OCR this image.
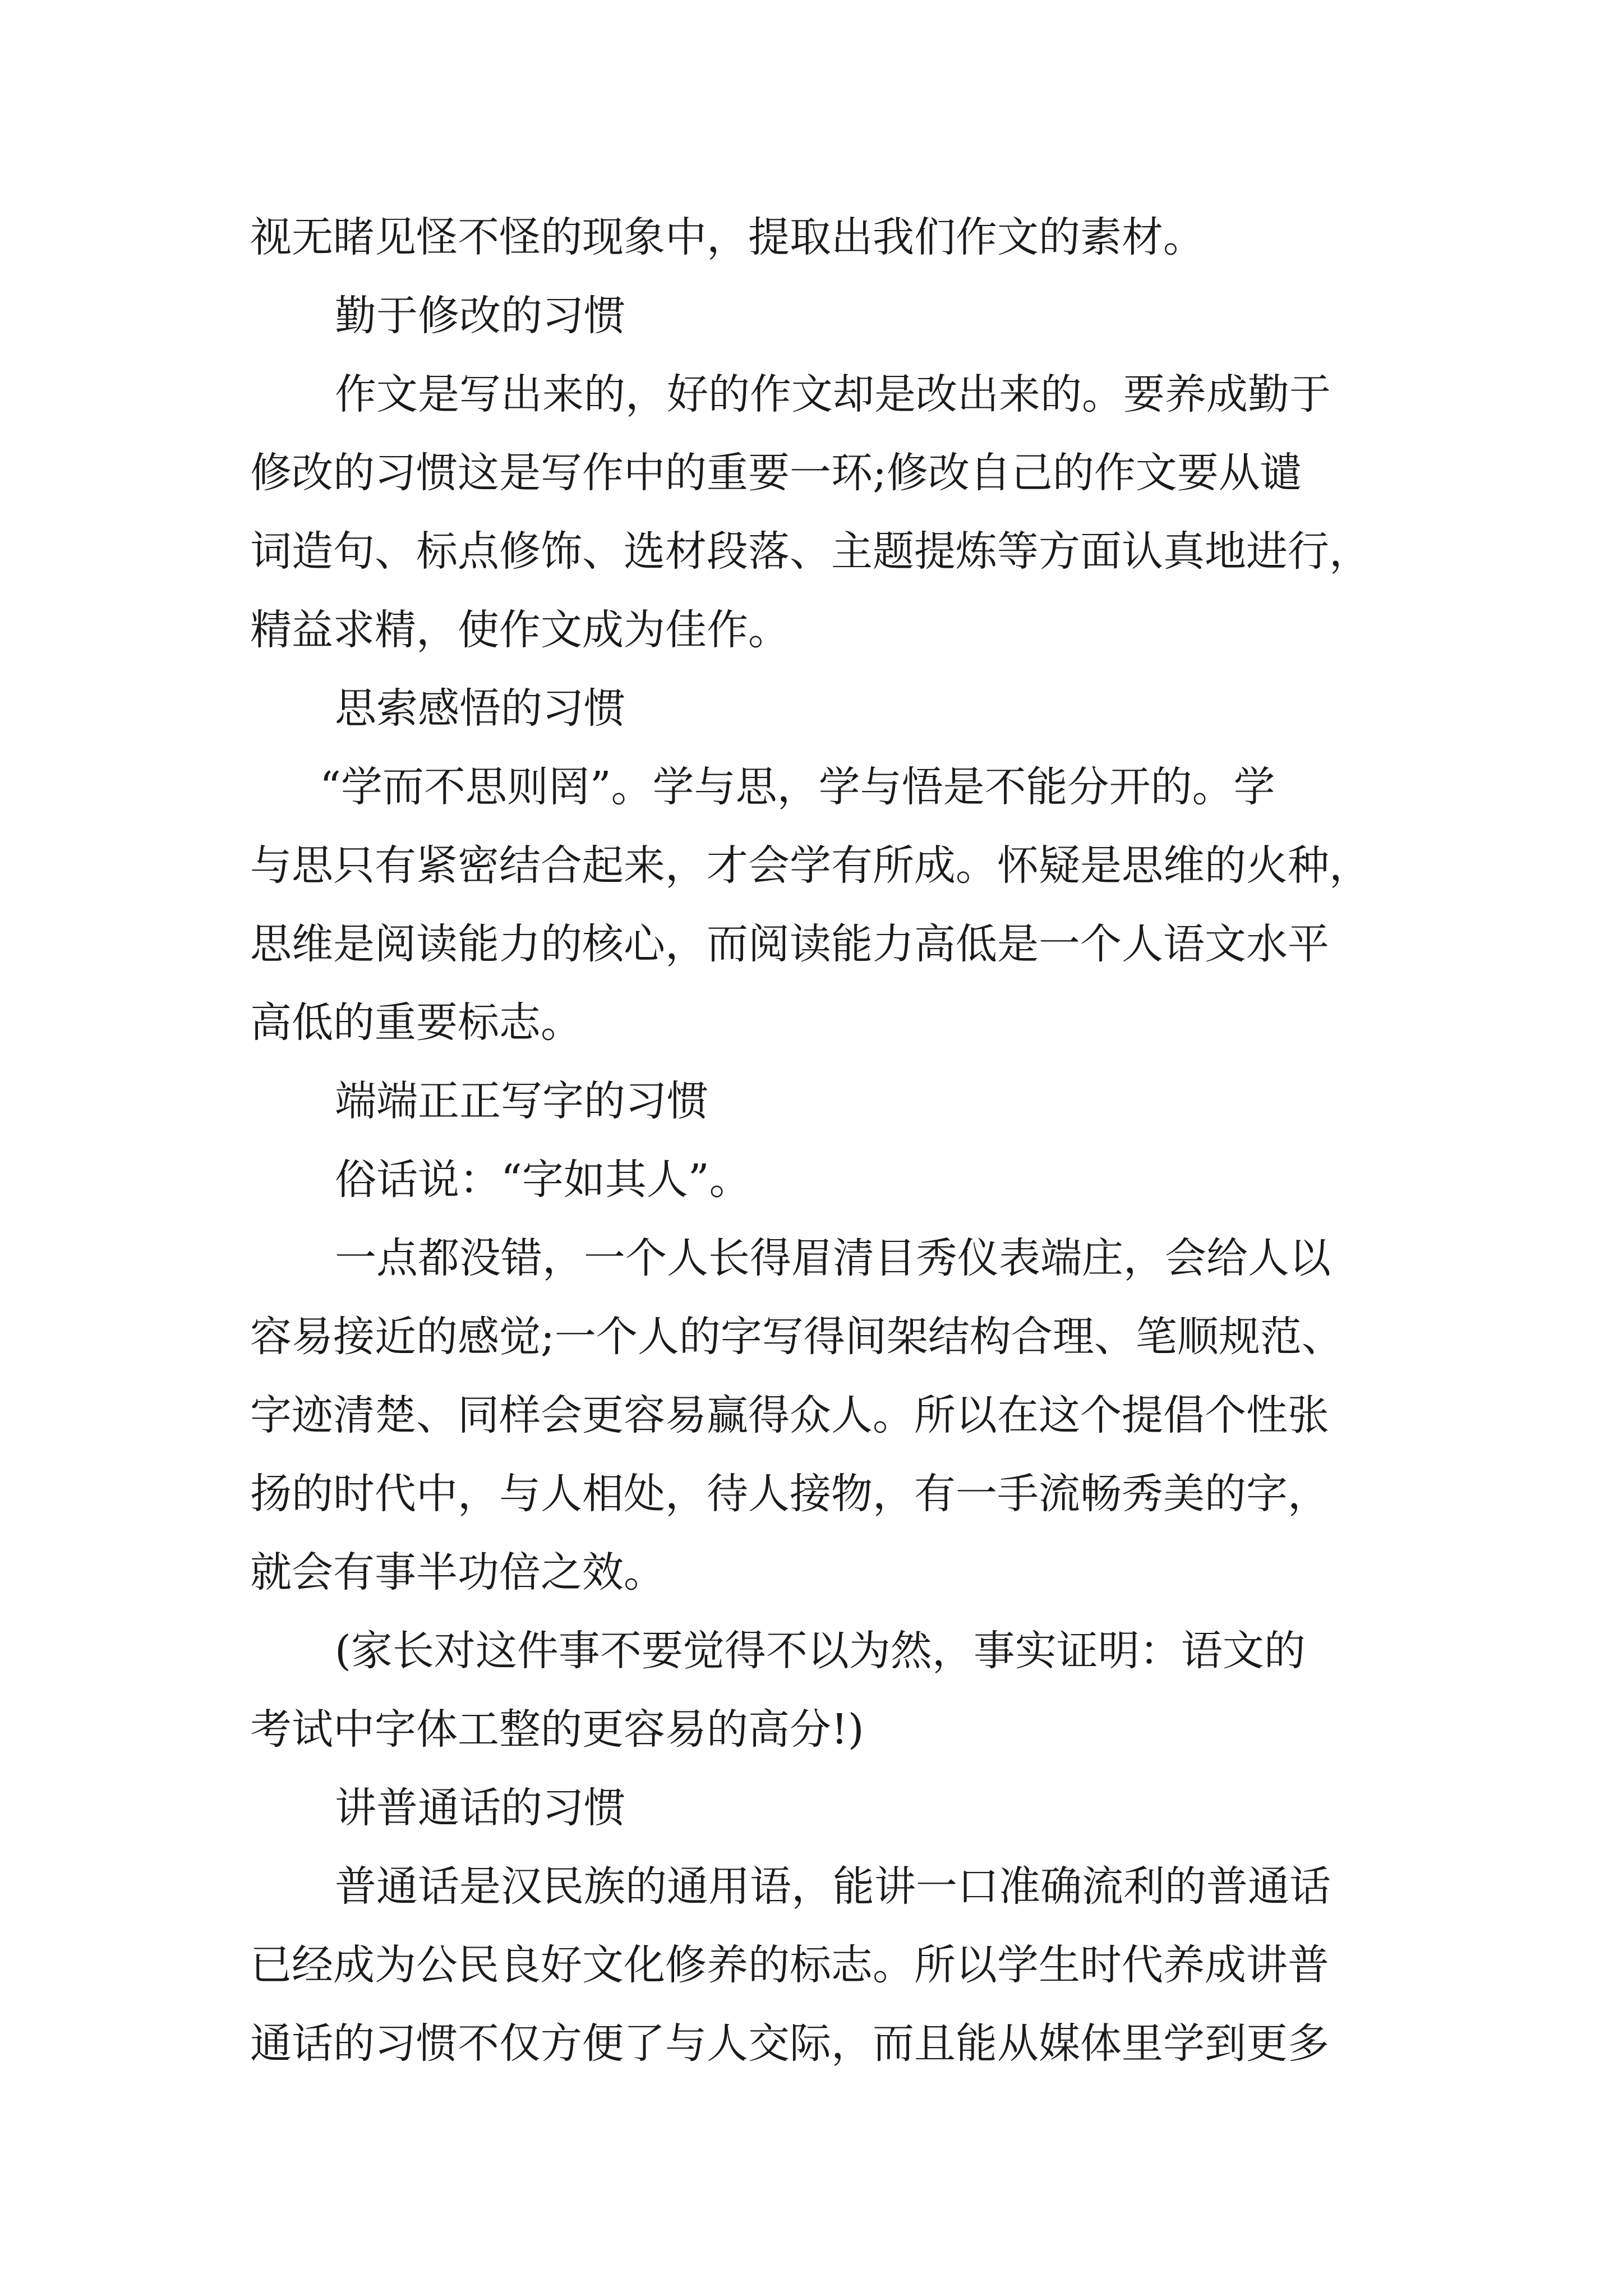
视无睹见怪不怪的现象中，提取出我们作文的素材。

勤于修改的习惯

作文是写出来的，好的作文却是改出来的。要养成勤于

修改的习惯这是写作中的重要一环;修改自己的作文要从谴

词造句、标点修饰、选材段落、主题提炼等方面认真地进行，

精益求精，使作文成为佳作。

思索感悟的习惯

“学而不思则罔”。学与思，学与悟是不能分开的。学

与思只有紧密结合起来，才会学有所成。怀疑是思维的火种，

思维是阅读能力的核心，而阅读能力高低是一个人语文水平

高低的重要标志。

端端正正写字的习惯

俗话说：“字如其人”。

一点都没错，一个人长得眉清目秀仪表端庄，会给人以

容易接近的感觉;一个人的字写得间架结构合理、笔顺规范、

字迹清楚、同样会更容易赢得众人。所以在这个提倡个性张

扬的时代中，与人相处，待人接物，有一手流畅秀美的字，

就会有事半功倍之效。

(家长对这件事不要觉得不以为然，事实证明：语文的

考试中字体工整的更容易的高分!)

讲普通话的习惯

普通话是汉民族的通用语，能讲一口准确流利的普通话

已经成为公民良好文化修养的标志。所以学生时代养成讲普

通话的习惯不仅方便了与人交际，而且能从媒体里学到更多
